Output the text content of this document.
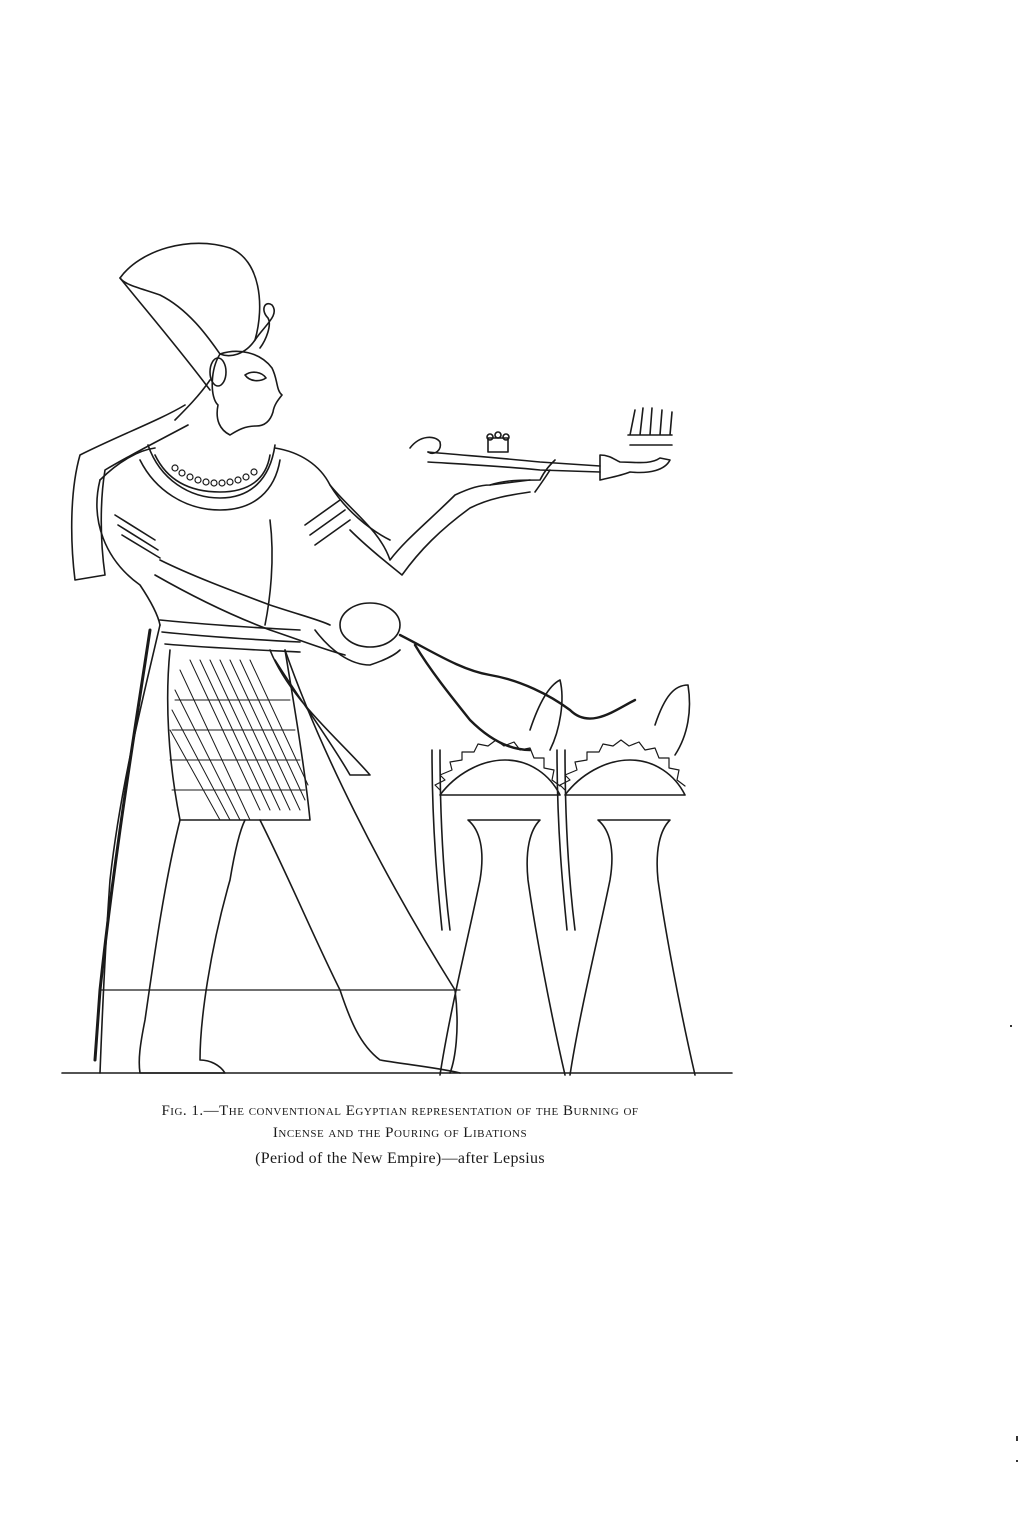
Fig. 1.—The conventional Egyptian representation of the Burning of
Incense and the Pouring of Libations
(Period of the New Empire)—after Lepsius
